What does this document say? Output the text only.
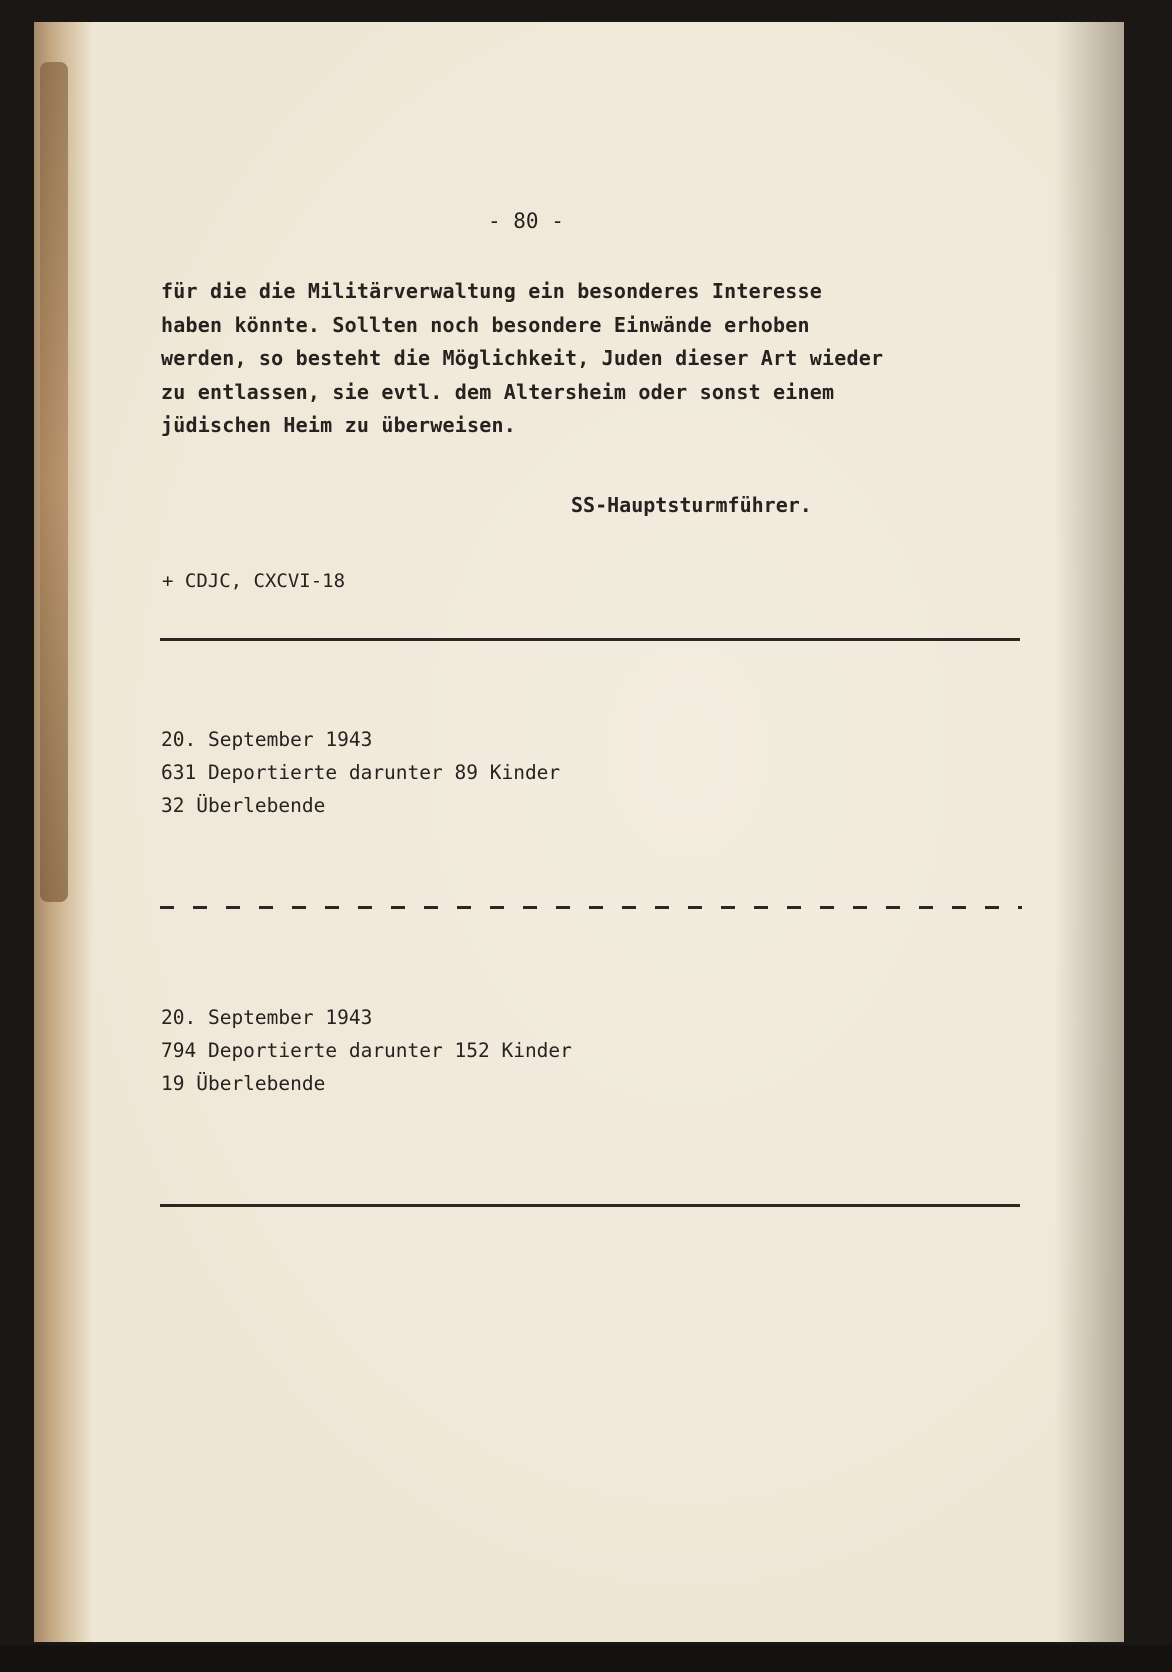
- 80 -
für die die Militärverwaltung ein besonderes Interesse
haben könnte. Sollten noch besondere Einwände erhoben
werden, so besteht die Möglichkeit, Juden dieser Art wieder
zu entlassen, sie evtl. dem Altersheim oder sonst einem
jüdischen Heim zu überweisen.
SS-Hauptsturmführer.
+ CDJC, CXCVI-18
20. September 1943
631 Deportierte darunter 89 Kinder
32 Überlebende
20. September 1943
794 Deportierte darunter 152 Kinder
19 Überlebende
